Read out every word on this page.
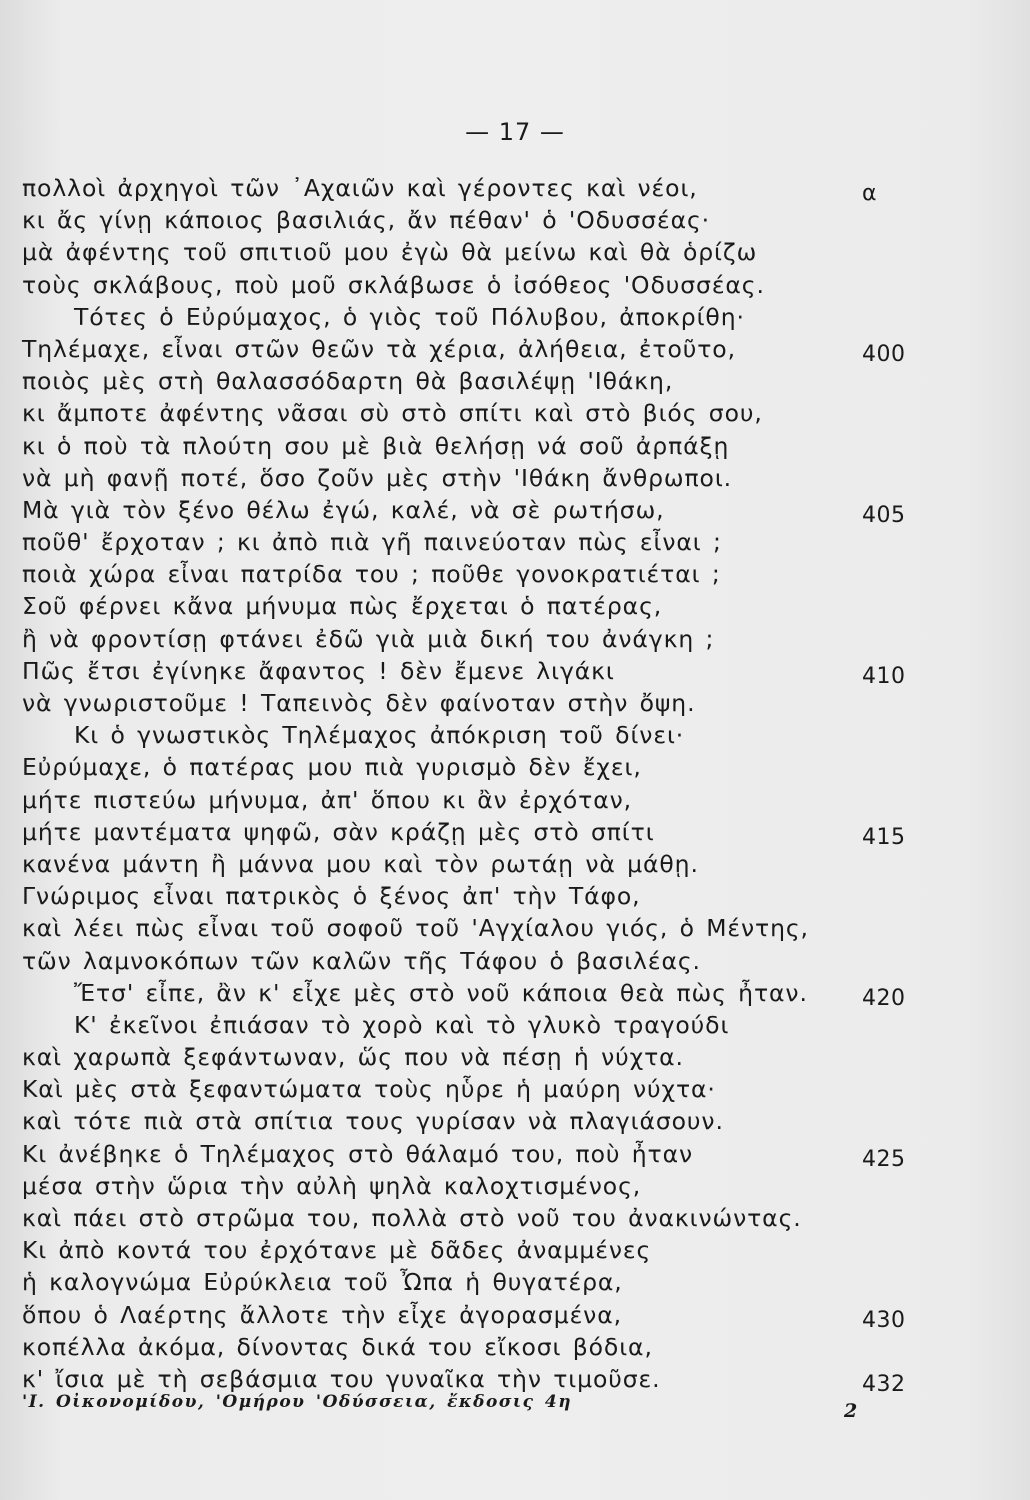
— 17 —
πολλοὶ ἀρχηγοὶ τῶν ᾿Αχαιῶν καὶ γέροντες καὶ νέοι,	α
κι ἄς γίνῃ κάποιος βασιλιάς, ἄν πέθαν' ὁ 'Οδυσσέας·
μὰ ἀφέντης τοῦ σπιτιοῦ μου ἐγὼ θὰ μείνω καὶ θὰ ὁρίζω
τοὺς σκλάβους, ποὺ μοῦ σκλάβωσε ὁ ἰσόθεος 'Οδυσσέας.
Τότες ὁ Εὐρύμαχος, ὁ γιὸς τοῦ Πόλυβου, ἀποκρίθη·
Τηλέμαχε, εἶναι στῶν θεῶν τὰ χέρια, ἀλήθεια, ἐτοῦτο,	400
ποιὸς μὲς στὴ θαλασσόδαρτη θὰ βασιλέψῃ 'Ιθάκη,
κι ἄμποτε ἀφέντης νᾶσαι σὺ στὸ σπίτι καὶ στὸ βιός σου,
κι ὁ ποὺ τὰ πλούτη σου μὲ βιὰ θελήσῃ νά σοῦ ἀρπάξῃ
νὰ μὴ φανῇ ποτέ, ὅσο ζοῦν μὲς στὴν 'Ιθάκη ἄνθρωποι.
Μὰ γιὰ τὸν ξένο θέλω ἐγώ, καλέ, νὰ σὲ ρωτήσω,	405
ποῦθ' ἔρχοταν ; κι ἀπὸ πιὰ γῆ παινεύοταν πὼς εἶναι ;
ποιὰ χώρα εἶναι πατρίδα του ; ποῦθε γονοκρατιέται ;
Σοῦ φέρνει κἄνα μήνυμα πὼς ἔρχεται ὁ πατέρας,
ἢ νὰ φροντίσῃ φτάνει ἐδῶ γιὰ μιὰ δική του ἀνάγκη ;
Πῶς ἔτσι ἐγίνηκε ἄφαντος ! δὲν ἔμενε λιγάκι	410
νὰ γνωριστοῦμε ! Ταπεινὸς δὲν φαίνοταν στὴν ὄψη.
Κι ὁ γνωστικὸς Τηλέμαχος ἀπόκριση τοῦ δίνει·
Εὐρύμαχε, ὁ πατέρας μου πιὰ γυρισμὸ δὲν ἔχει,
μήτε πιστεύω μήνυμα, ἀπ' ὅπου κι ἂν ἐρχόταν,
μήτε μαντέματα ψηφῶ, σὰν κράζῃ μὲς στὸ σπίτι	415
κανένα μάντη ἢ μάννα μου καὶ τὸν ρωτάῃ νὰ μάθῃ.
Γνώριμος εἶναι πατρικὸς ὁ ξένος ἀπ' τὴν Τάφο,
καὶ λέει πὼς εἶναι τοῦ σοφοῦ τοῦ 'Αγχίαλου γιός, ὁ Μέντης,
τῶν λαμνοκόπων τῶν καλῶν τῆς Τάφου ὁ βασιλέας.
Ἔτσ' εἶπε, ἂν κ' εἶχε μὲς στὸ νοῦ κάποια θεὰ πὼς ἦταν. 420
Κ' ἐκεῖνοι ἐπιάσαν τὸ χορὸ καὶ τὸ γλυκὸ τραγούδι
καὶ χαρωπὰ ξεφάντωναν, ὥς που νὰ πέσῃ ἡ νύχτα.
Καὶ μὲς στὰ ξεφαντώματα τοὺς ηὗρε ἡ μαύρη νύχτα·
καὶ τότε πιὰ στὰ σπίτια τους γυρίσαν νὰ πλαγιάσουν.
Κι ἀνέβηκε ὁ Τηλέμαχος στὸ θάλαμό του, ποὺ ἦταν	425
μέσα στὴν ὥρια τὴν αὐλὴ ψηλὰ καλοχτισμένος,
καὶ πάει στὸ στρῶμα του, πολλὰ στὸ νοῦ του ἀνακινώντας.
Κι ἀπὸ κοντά του ἐρχότανε μὲ δᾶδες ἀναμμένες
ἡ καλογνώμα Εὐρύκλεια τοῦ Ὦπα ἡ θυγατέρα,
ὅπου ὁ Λαέρτης ἄλλοτε τὴν εἶχε ἀγορασμένα,	430
κοπέλλα ἀκόμα, δίνοντας δικά του εἴκοσι βόδια,
κ' ἴσια μὲ τὴ σεβάσμια του γυναῖκα τὴν τιμοῦσε.	432
'Ι. Οἰκονομίδου, 'Ομήρου 'Οδύσσεια, ἔκδοσις 4η	2
